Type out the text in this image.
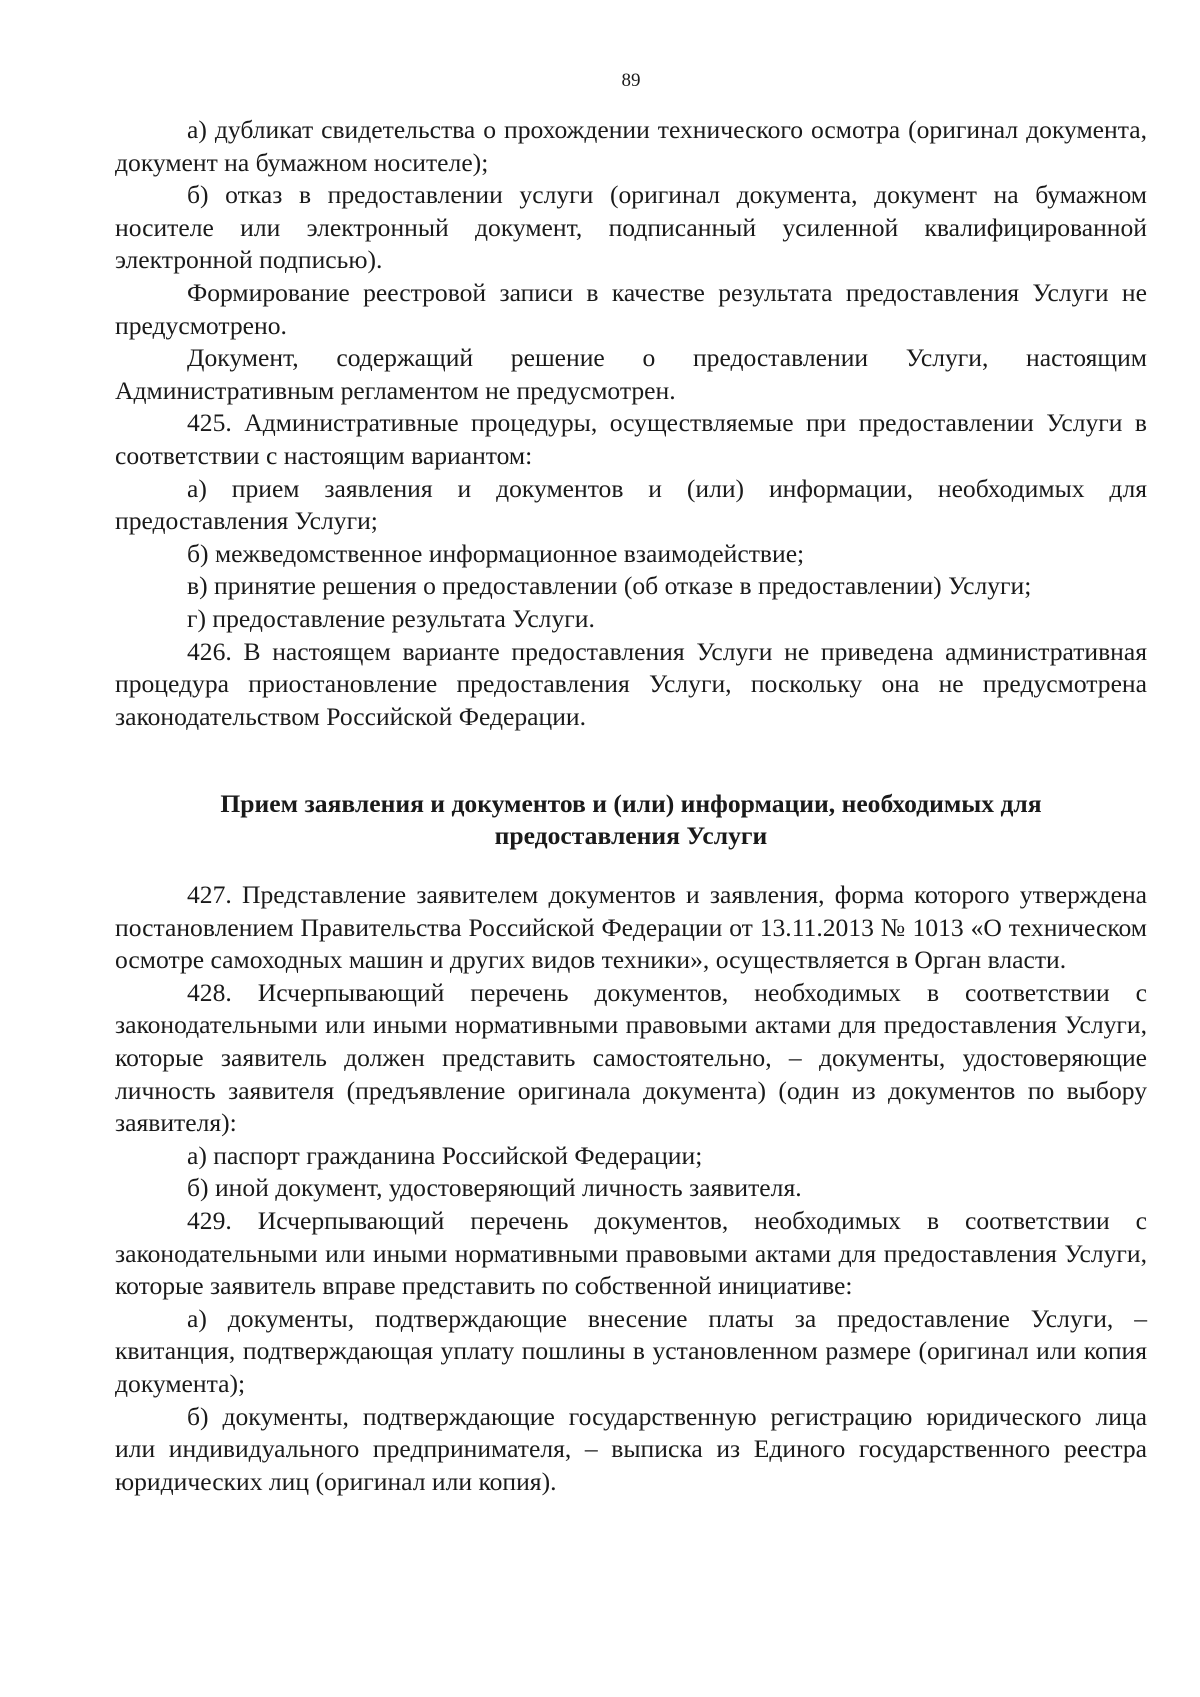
89

а) дубликат свидетельства о прохождении технического осмотра (оригинал документа, документ на бумажном носителе);

б) отказ в предоставлении услуги (оригинал документа, документ на бумажном носителе или электронный документ, подписанный усиленной квалифицированной электронной подписью).

Формирование реестровой записи в качестве результата предоставления Услуги не предусмотрено.

Документ, содержащий решение о предоставлении Услуги, настоящим Административным регламентом не предусмотрен.

425. Административные процедуры, осуществляемые при предоставлении Услуги в соответствии с настоящим вариантом:

а) прием заявления и документов и (или) информации, необходимых для предоставления Услуги;

б) межведомственное информационное взаимодействие;

в) принятие решения о предоставлении (об отказе в предоставлении) Услуги;

г) предоставление результата Услуги.

426. В настоящем варианте предоставления Услуги не приведена административная процедура приостановление предоставления Услуги, поскольку она не предусмотрена законодательством Российской Федерации.

Прием заявления и документов и (или) информации, необходимых для
предоставления Услуги

427. Представление заявителем документов и заявления, форма которого утверждена постановлением Правительства Российской Федерации от 13.11.2013 № 1013 «О техническом осмотре самоходных машин и других видов техники», осуществляется в Орган власти.

428. Исчерпывающий перечень документов, необходимых в соответствии с законодательными или иными нормативными правовыми актами для предоставления Услуги, которые заявитель должен представить самостоятельно, – документы, удостоверяющие личность заявителя (предъявление оригинала документа) (один из документов по выбору заявителя):

а) паспорт гражданина Российской Федерации;

б) иной документ, удостоверяющий личность заявителя.

429. Исчерпывающий перечень документов, необходимых в соответствии с законодательными или иными нормативными правовыми актами для предоставления Услуги, которые заявитель вправе представить по собственной инициативе:

а) документы, подтверждающие внесение платы за предоставление Услуги, – квитанция, подтверждающая уплату пошлины в установленном размере (оригинал или копия документа);

б) документы, подтверждающие государственную регистрацию юридического лица или индивидуального предпринимателя, – выписка из Единого государственного реестра юридических лиц (оригинал или копия).
